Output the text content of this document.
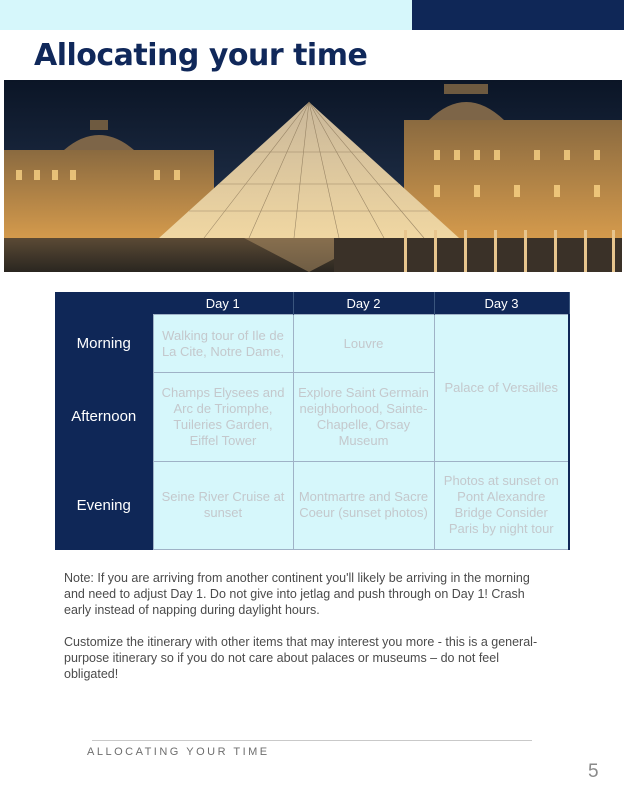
Allocating your time
	Day 1	Day 2	Day 3
Morning	Walking tour of Ile de La Cite, Notre Dame,	Louvre	Palace of Versailles
Afternoon	Champs Elysees and Arc de Triomphe, Tuileries Garden, Eiffel Tower	Explore Saint Germain neighborhood, Sainte-Chapelle, Orsay Museum	
Evening	Seine River Cruise at sunset	Montmartre and Sacre Coeur (sunset photos)	Photos at sunset on Pont Alexandre Bridge Consider Paris by night tour

Note: If you are arriving from another continent you'll likely be arriving in the morning and need to adjust Day 1. Do not give into jetlag and push through on Day 1! Crash early instead of napping during daylight hours.

Customize the itinerary with other items that may interest you more - this is a general-purpose itinerary so if you do not care about palaces or museums – do not feel obligated!

ALLOCATING YOUR TIME
5
